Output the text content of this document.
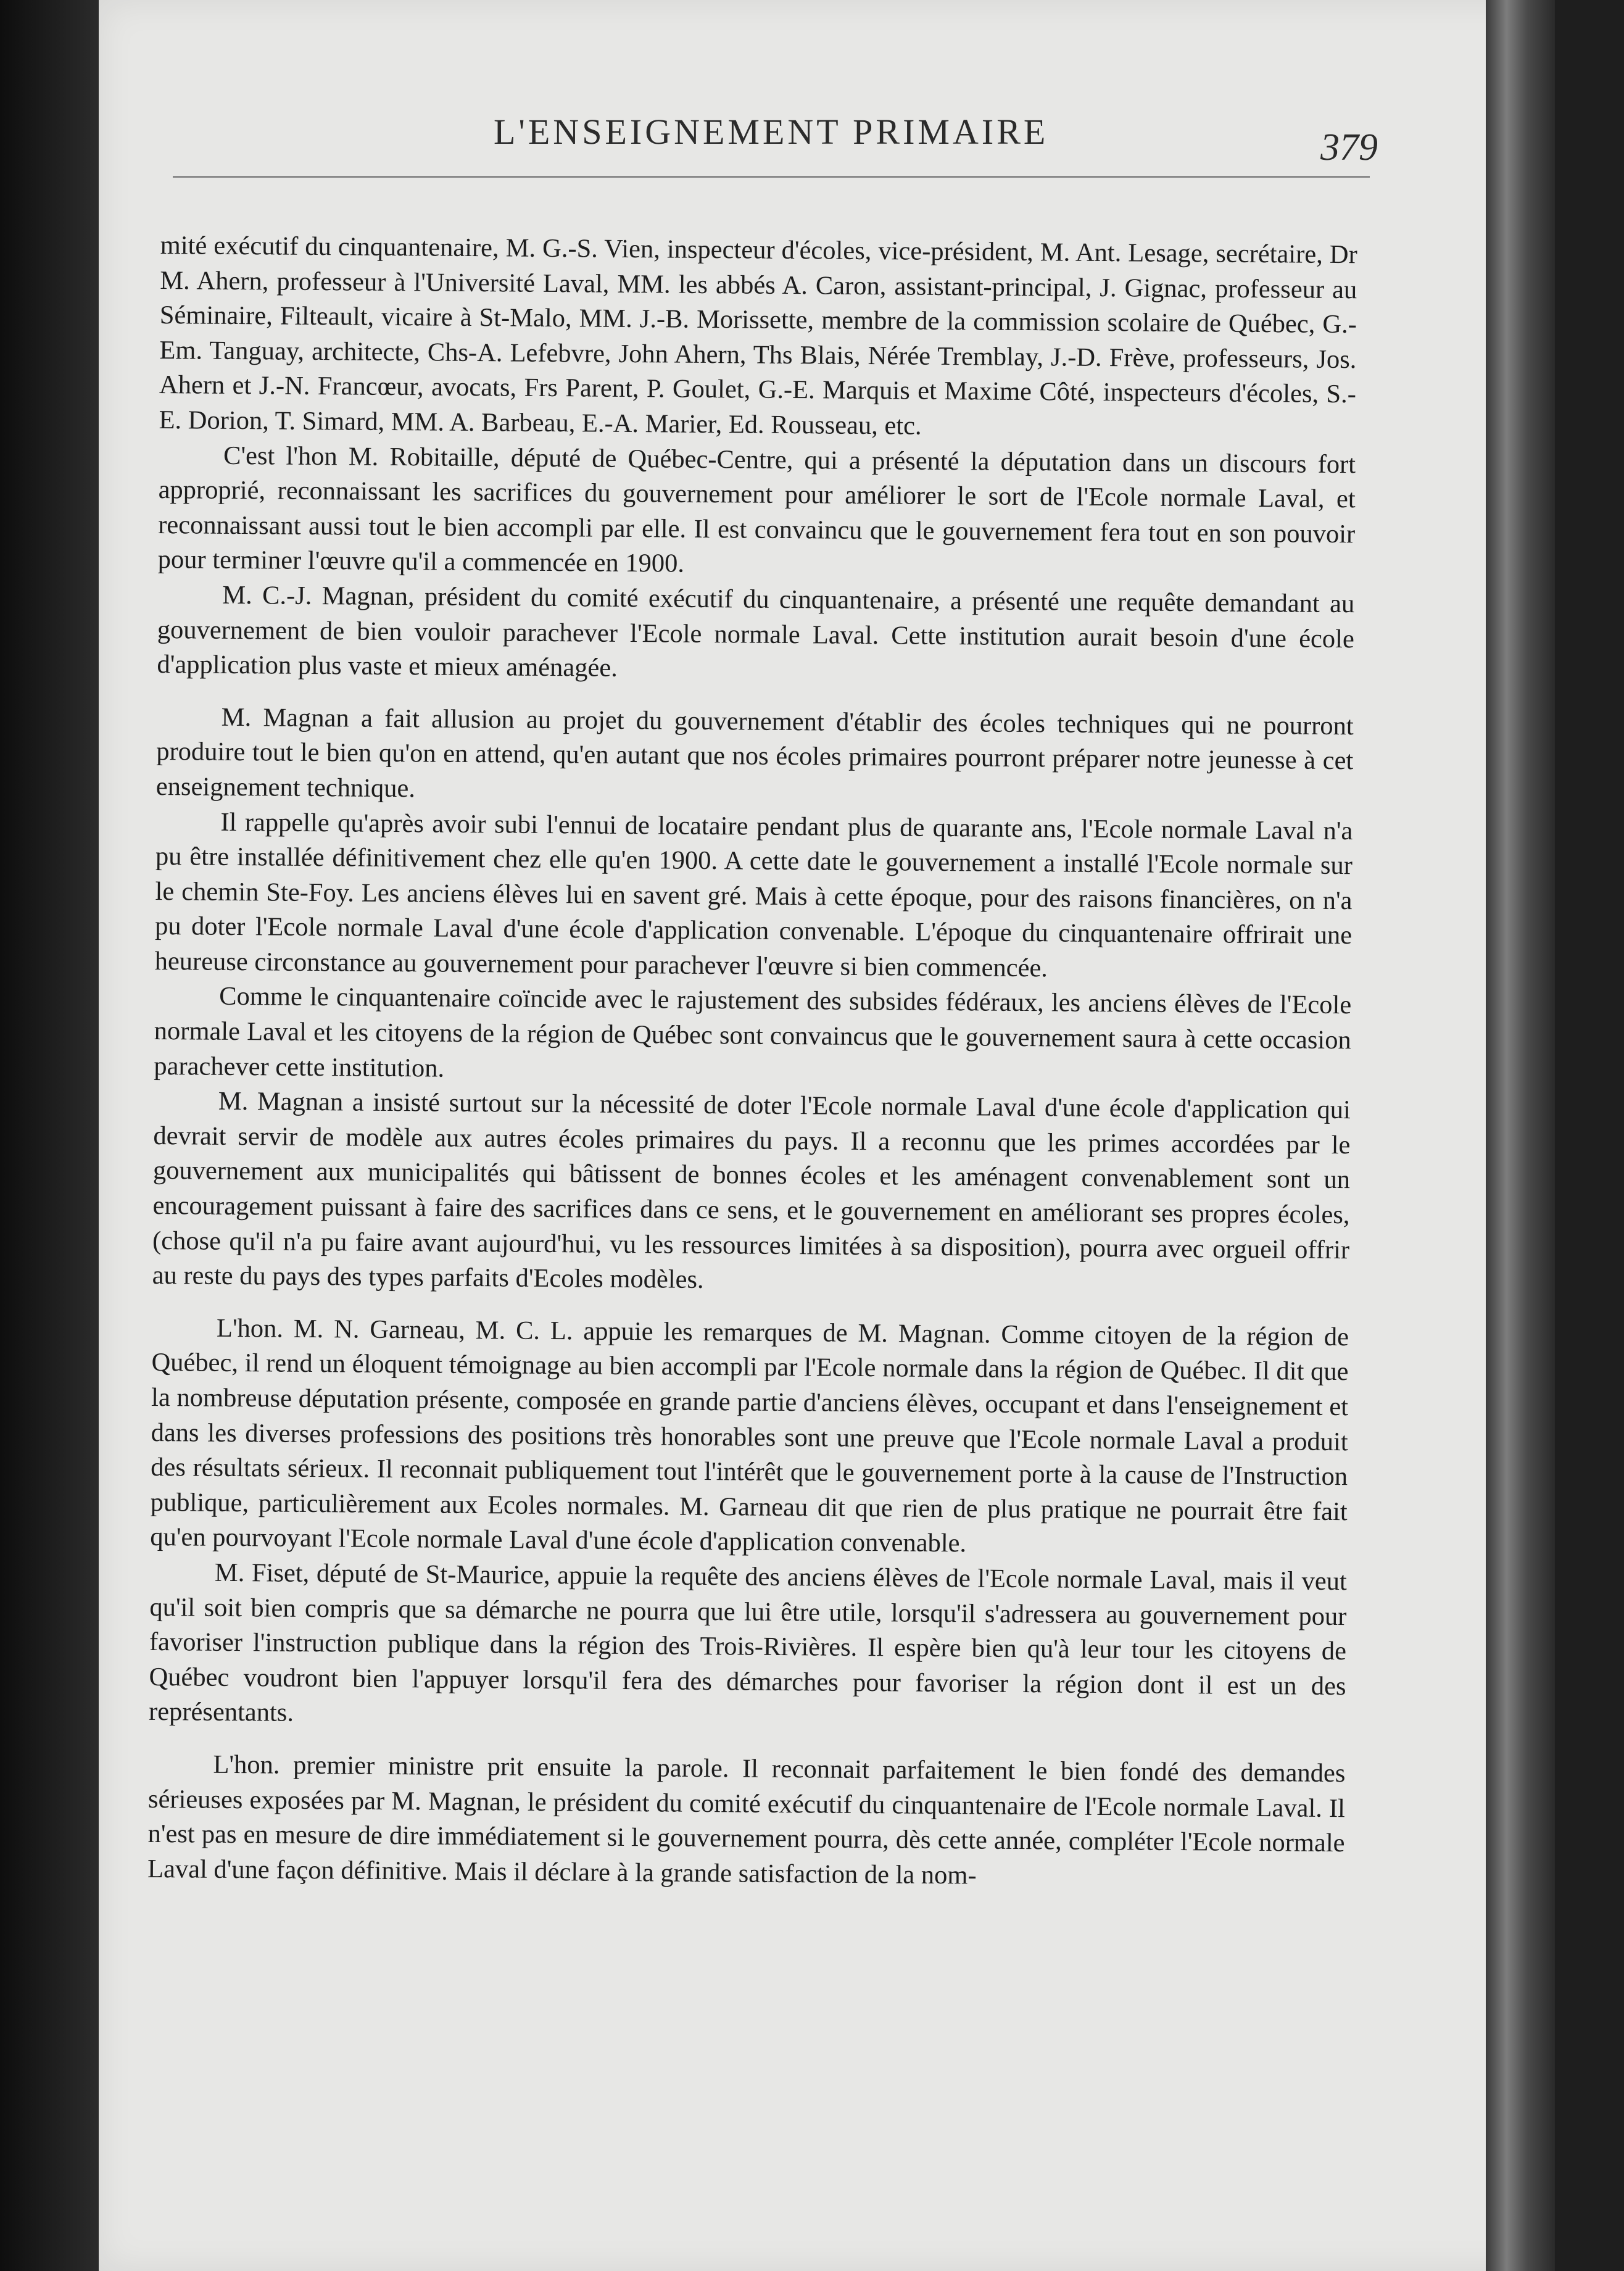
L'ENSEIGNEMENT PRIMAIRE	379

mité exécutif du cinquantenaire, M. G.-S. Vien, inspecteur d'écoles, vice-président, M. Ant. Lesage, secrétaire, Dr M. Ahern, professeur à l'Université Laval, MM. les abbés A. Caron, assistant-principal, J. Gignac, professeur au Séminaire, Filteault, vicaire à St-Malo, MM. J.-B. Morissette, membre de la commission scolaire de Québec, G.-Em. Tanguay, architecte, Chs-A. Lefebvre, John Ahern, Ths Blais, Nérée Tremblay, J.-D. Frève, professeurs, Jos. Ahern et J.-N. Francœur, avocats, Frs Parent, P. Goulet, G.-E. Marquis et Maxime Côté, inspecteurs d'écoles, S.-E. Dorion, T. Simard, MM. A. Barbeau, E.-A. Marier, Ed. Rousseau, etc.

C'est l'hon M. Robitaille, député de Québec-Centre, qui a présenté la députation dans un discours fort approprié, reconnaissant les sacrifices du gouvernement pour améliorer le sort de l'Ecole normale Laval, et reconnaissant aussi tout le bien accompli par elle. Il est convaincu que le gouvernement fera tout en son pouvoir pour terminer l'œuvre qu'il a commencée en 1900.

M. C.-J. Magnan, président du comité exécutif du cinquantenaire, a présenté une requête demandant au gouvernement de bien vouloir parachever l'Ecole normale Laval. Cette institution aurait besoin d'une école d'application plus vaste et mieux aménagée.

M. Magnan a fait allusion au projet du gouvernement d'établir des écoles techniques qui ne pourront produire tout le bien qu'on en attend, qu'en autant que nos écoles primaires pourront préparer notre jeunesse à cet enseignement technique.

Il rappelle qu'après avoir subi l'ennui de locataire pendant plus de quarante ans, l'Ecole normale Laval n'a pu être installée définitivement chez elle qu'en 1900. A cette date le gouvernement a installé l'Ecole normale sur le chemin Ste-Foy. Les anciens élèves lui en savent gré. Mais à cette époque, pour des raisons financières, on n'a pu doter l'Ecole normale Laval d'une école d'application convenable. L'époque du cinquantenaire offrirait une heureuse circonstance au gouvernement pour parachever l'œuvre si bien commencée.

Comme le cinquantenaire coïncide avec le rajustement des subsides fédéraux, les anciens élèves de l'Ecole normale Laval et les citoyens de la région de Québec sont convaincus que le gouvernement saura à cette occasion parachever cette institution.

M. Magnan a insisté surtout sur la nécessité de doter l'Ecole normale Laval d'une école d'application qui devrait servir de modèle aux autres écoles primaires du pays. Il a reconnu que les primes accordées par le gouvernement aux municipalités qui bâtissent de bonnes écoles et les aménagent convenablement sont un encouragement puissant à faire des sacrifices dans ce sens, et le gouvernement en améliorant ses propres écoles, (chose qu'il n'a pu faire avant aujourd'hui, vu les ressources limitées à sa disposition), pourra avec orgueil offrir au reste du pays des types parfaits d'Ecoles modèles.

L'hon. M. N. Garneau, M. C. L. appuie les remarques de M. Magnan. Comme citoyen de la région de Québec, il rend un éloquent témoignage au bien accompli par l'Ecole normale dans la région de Québec. Il dit que la nombreuse députation présente, composée en grande partie d'anciens élèves, occupant et dans l'enseignement et dans les diverses professions des positions très honorables sont une preuve que l'Ecole normale Laval a produit des résultats sérieux. Il reconnait publiquement tout l'intérêt que le gouvernement porte à la cause de l'Instruction publique, particulièrement aux Ecoles normales. M. Garneau dit que rien de plus pratique ne pourrait être fait qu'en pourvoyant l'Ecole normale Laval d'une école d'application convenable.

M. Fiset, député de St-Maurice, appuie la requête des anciens élèves de l'Ecole normale Laval, mais il veut qu'il soit bien compris que sa démarche ne pourra que lui être utile, lorsqu'il s'adressera au gouvernement pour favoriser l'instruction publique dans la région des Trois-Rivières. Il espère bien qu'à leur tour les citoyens de Québec voudront bien l'appuyer lorsqu'il fera des démarches pour favoriser la région dont il est un des représentants.

L'hon. premier ministre prit ensuite la parole. Il reconnait parfaitement le bien fondé des demandes sérieuses exposées par M. Magnan, le président du comité exécutif du cinquantenaire de l'Ecole normale Laval. Il n'est pas en mesure de dire immédiatement si le gouvernement pourra, dès cette année, compléter l'Ecole normale Laval d'une façon définitive. Mais il déclare à la grande satisfaction de la nom-
